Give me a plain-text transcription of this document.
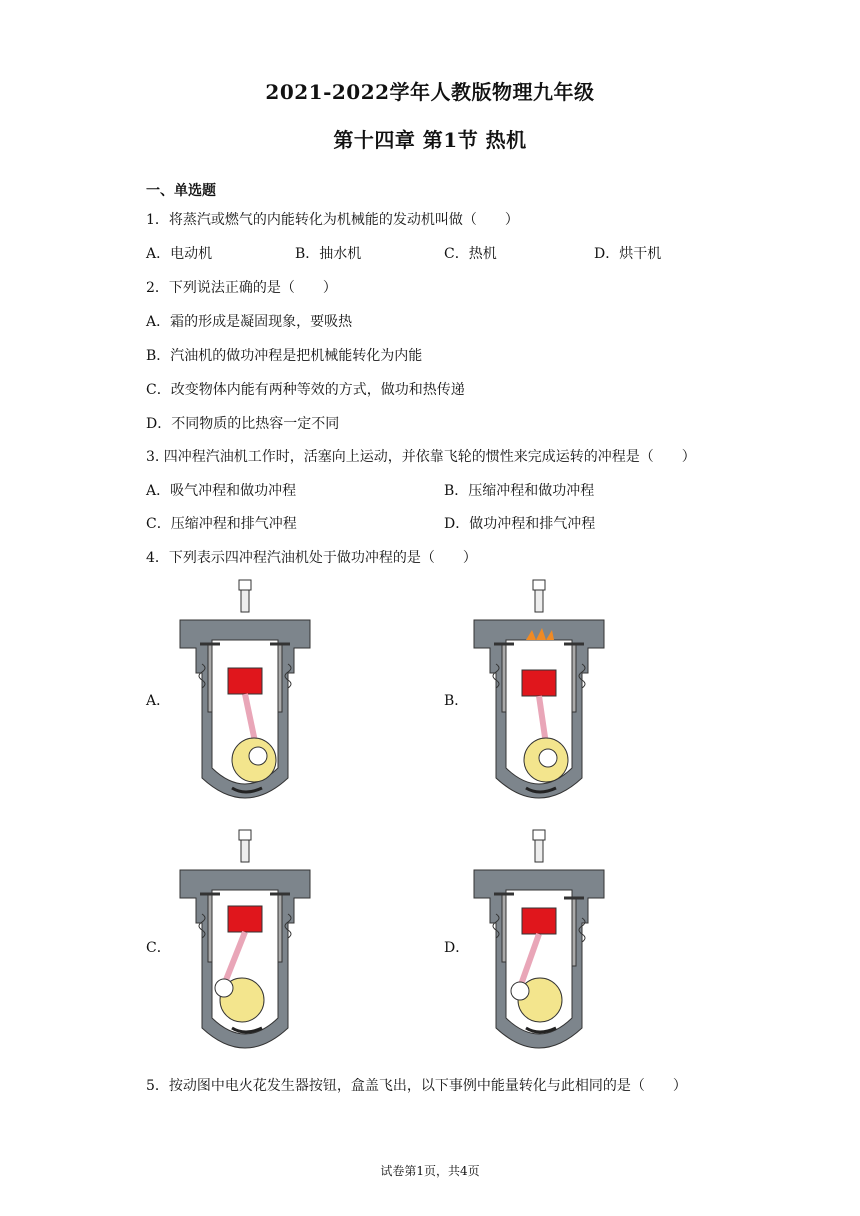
2021-2022学年人教版物理九年级
第十四章 第1节 热机
一、单选题
1．将蒸汽或燃气的内能转化为机械能的发动机叫做（　　）
A．电动机	B．抽水机	C．热机	D．烘干机
2．下列说法正确的是（　　）
A．霜的形成是凝固现象，要吸热
B．汽油机的做功冲程是把机械能转化为内能
C．改变物体内能有两种等效的方式，做功和热传递
D．不同物质的比热容一定不同
3. 四冲程汽油机工作时，活塞向上运动，并依靠飞轮的惯性来完成运转的冲程是（　　）
A．吸气冲程和做功冲程	B．压缩冲程和做功冲程
C．压缩冲程和排气冲程	D．做功冲程和排气冲程
4．下列表示四冲程汽油机处于做功冲程的是（　　）
A．	B．
C．	D．
5．按动图中电火花发生器按钮，盒盖飞出，以下事例中能量转化与此相同的是（　　）
试卷第1页，共4页
